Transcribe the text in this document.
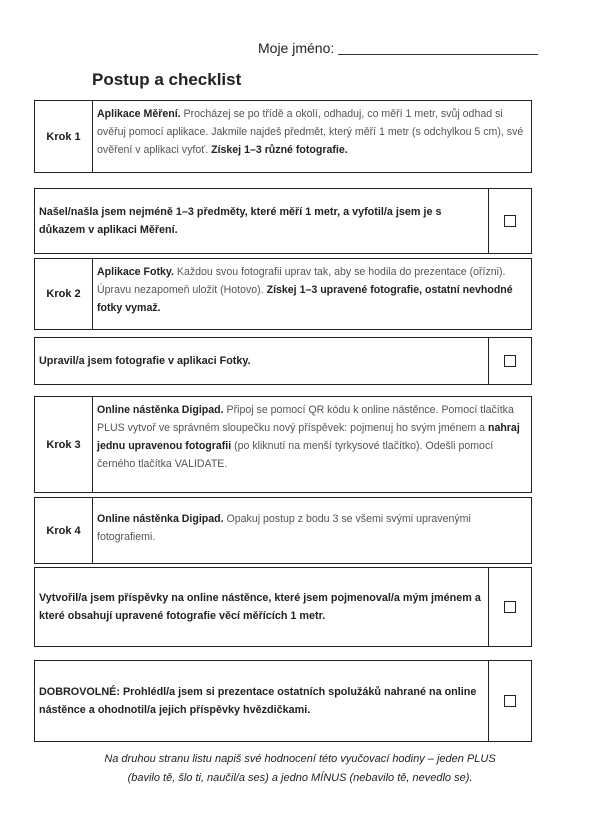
Moje jméno:
Postup a checklist
Krok 1
Aplikace Měření. Procházej se po třídě a okolí, odhaduj, co měří 1 metr, svůj odhad si ověřuj pomocí aplikace. Jakmile najdeš předmět, který měří 1 metr (s odchylkou 5 cm), své ověření v aplikaci vyfoť. Získej 1–3 různé fotografie.
Našel/našla jsem nejméně 1–3 předměty, které měří 1 metr, a vyfotil/a jsem je s důkazem v aplikaci Měření.
Krok 2
Aplikace Fotky. Každou svou fotografii uprav tak, aby se hodila do prezentace (ořízni). Úpravu nezapomeň uložit (Hotovo). Získej 1–3 upravené fotografie, ostatní nevhodné fotky vymaž.
Upravil/a jsem fotografie v aplikaci Fotky.
Krok 3
Online nástěnka Digipad. Připoj se pomocí QR kódu k online nástěnce. Pomocí tlačítka PLUS vytvoř ve správném sloupečku nový příspěvek: pojmenuj ho svým jménem a nahraj jednu upravenou fotografii (po kliknutí na menší tyrkysové tlačítko). Odešli pomocí černého tlačítka VALIDATE.
Krok 4
Online nástěnka Digipad. Opakuj postup z bodu 3 se všemi svými upravenými fotografiemi.
Vytvořil/a jsem příspěvky na online nástěnce, které jsem pojmenoval/a mým jménem a které obsahují upravené fotografie věcí měřících 1 metr.
DOBROVOLNÉ: Prohlédl/a jsem si prezentace ostatních spolužáků nahrané na online nástěnce a ohodnotil/a jejich příspěvky hvězdičkami.
Na druhou stranu listu napiš své hodnocení této vyučovací hodiny – jeden PLUS
(bavilo tě, šlo ti, naučil/a ses) a jedno MÍNUS (nebavilo tě, nevedlo se).
